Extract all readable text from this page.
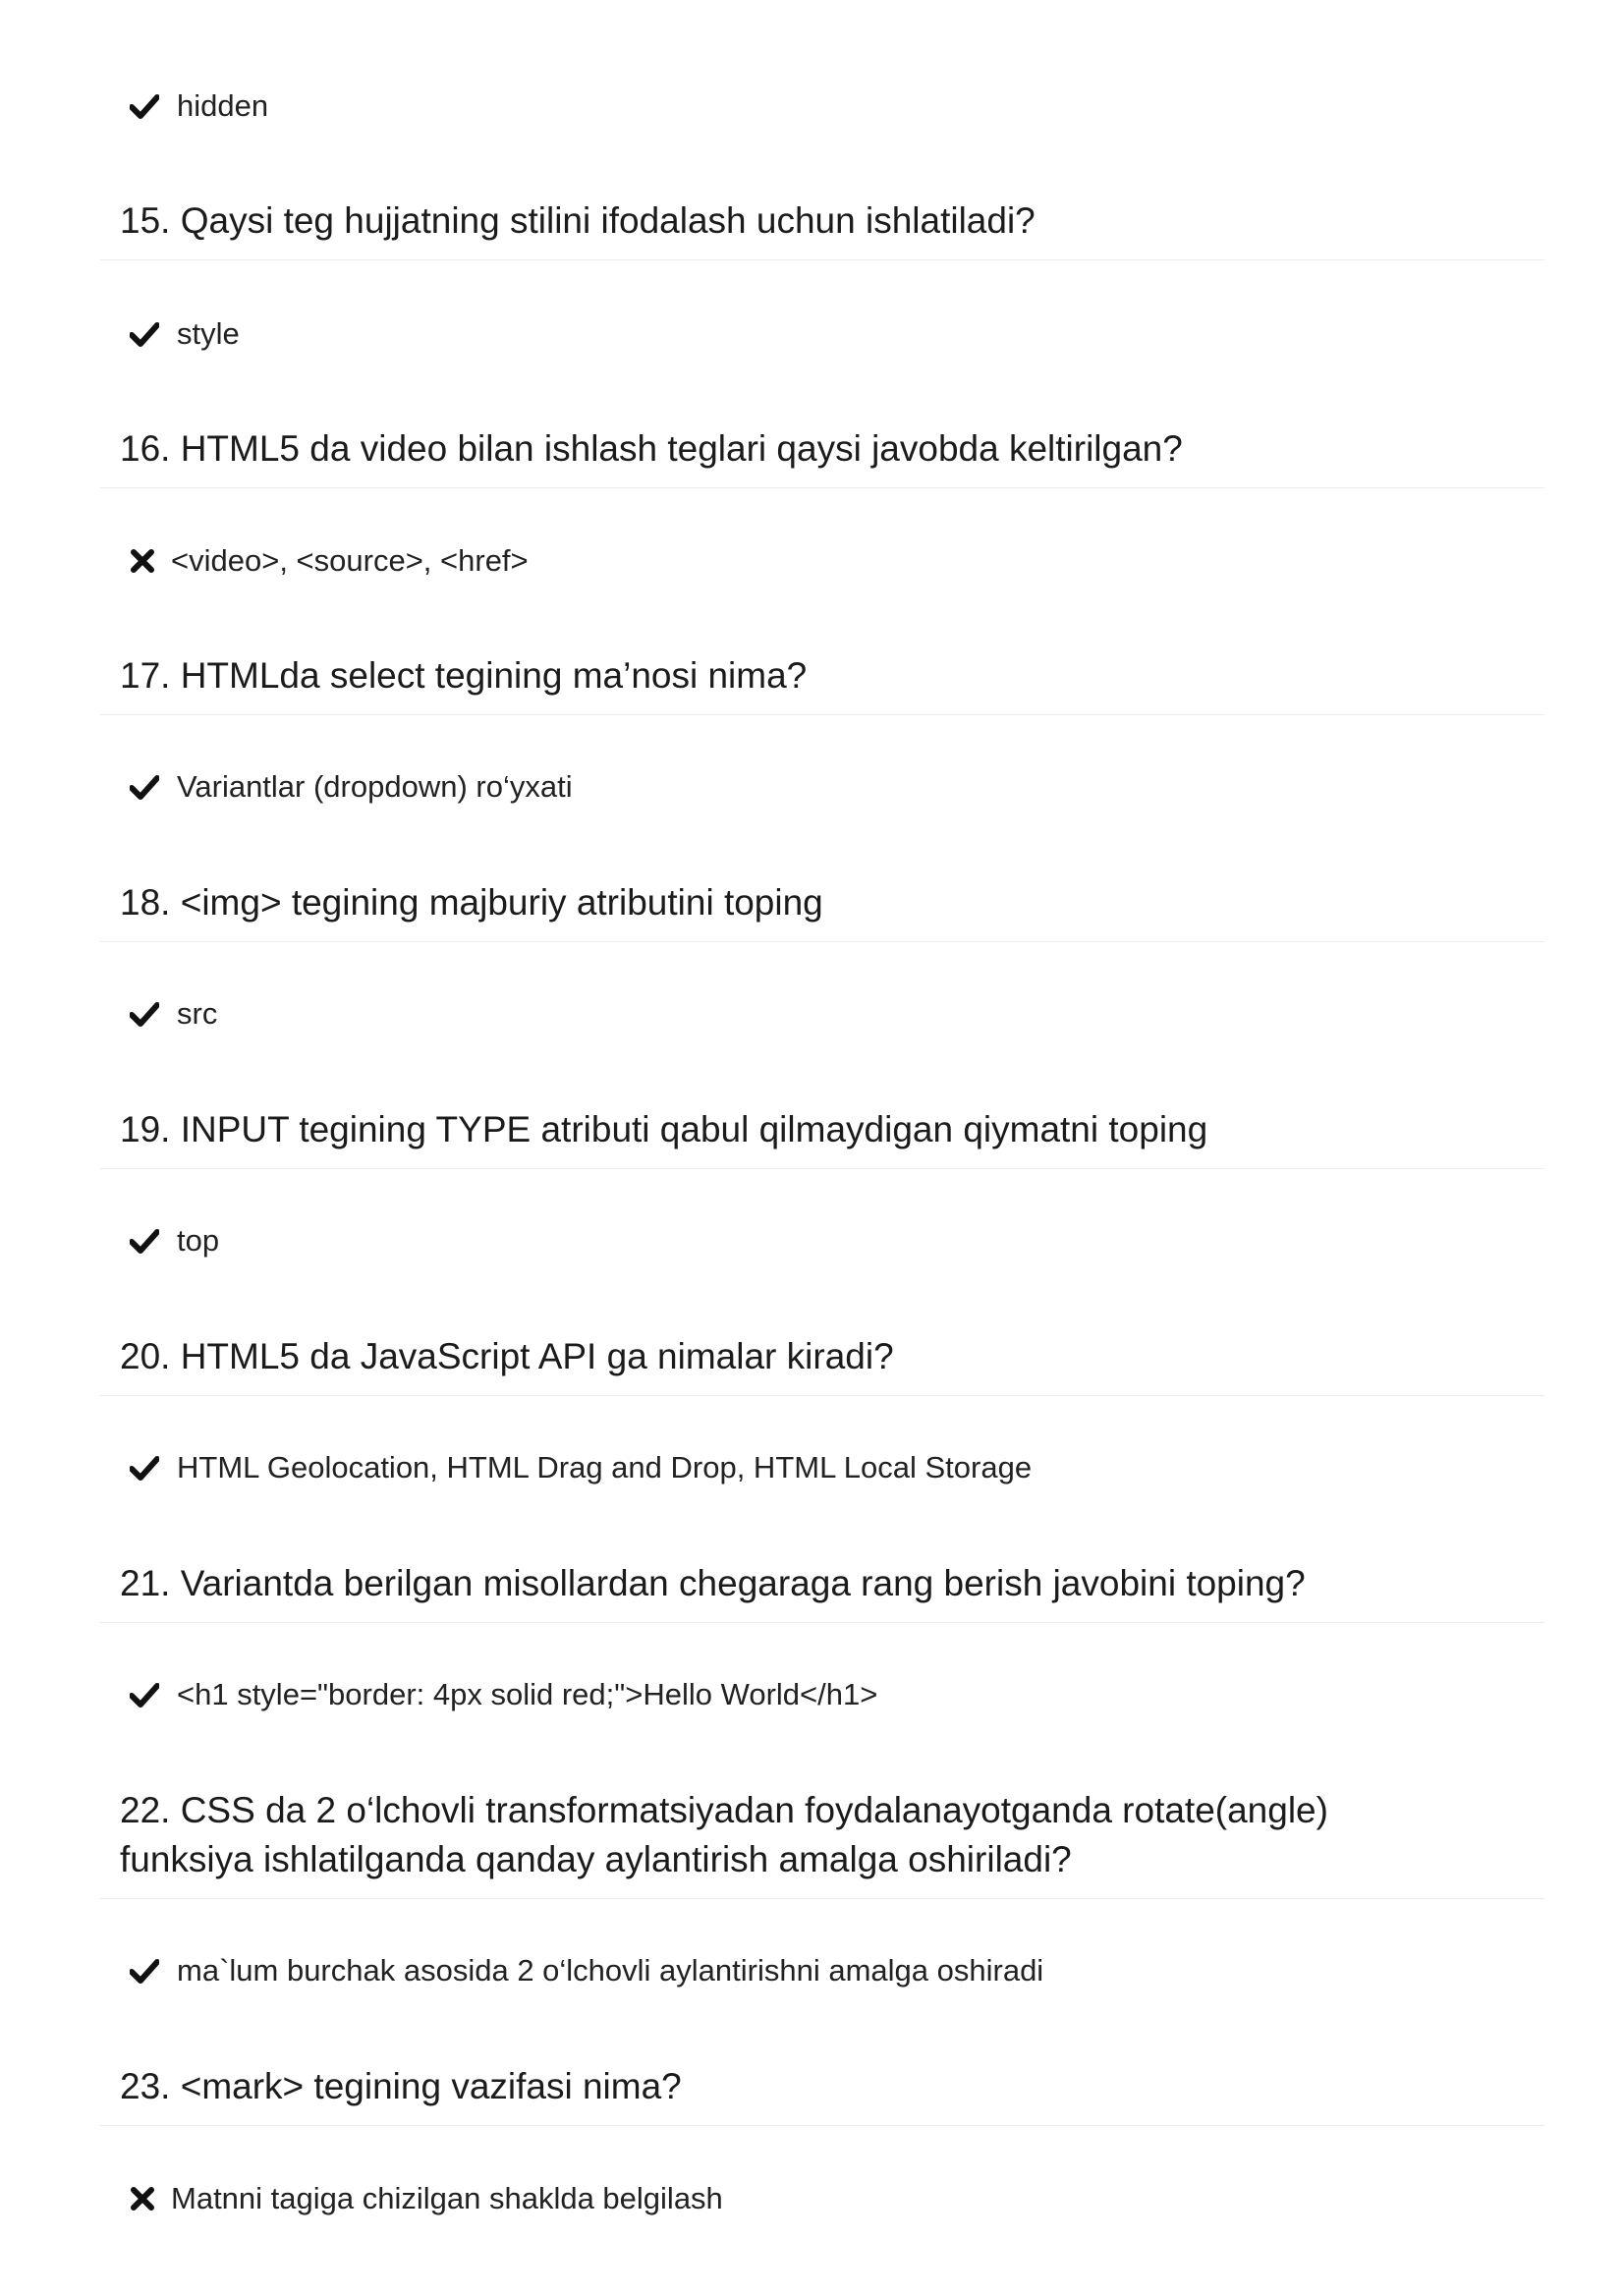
hidden
15. Qaysi teg hujjatning stilini ifodalash uchun ishlatiladi?
style
16. HTML5 da video bilan ishlash teglari qaysi javobda keltirilgan?
<video>, <source>, <href>
17. HTMLda select tegining ma’nosi nima?
Variantlar (dropdown) ro‘yxati
18. <img> tegining majburiy atributini toping
src
19. INPUT tegining TYPE atributi qabul qilmaydigan qiymatni toping
top
20. HTML5 da JavaScript API ga nimalar kiradi?
HTML Geolocation, HTML Drag and Drop, HTML Local Storage
21. Variantda berilgan misollardan chegaraga rang berish javobini toping?
<h1 style="border: 4px solid red;">Hello World</h1>
22. CSS da 2 o‘lchovli transformatsiyadan foydalanayotganda rotate(angle) funksiya ishlatilganda qanday aylantirish amalga oshiriladi?
ma`lum burchak asosida 2 o‘lchovli aylantirishni amalga oshiradi
23. <mark> tegining vazifasi nima?
Matnni tagiga chizilgan shaklda belgilash
